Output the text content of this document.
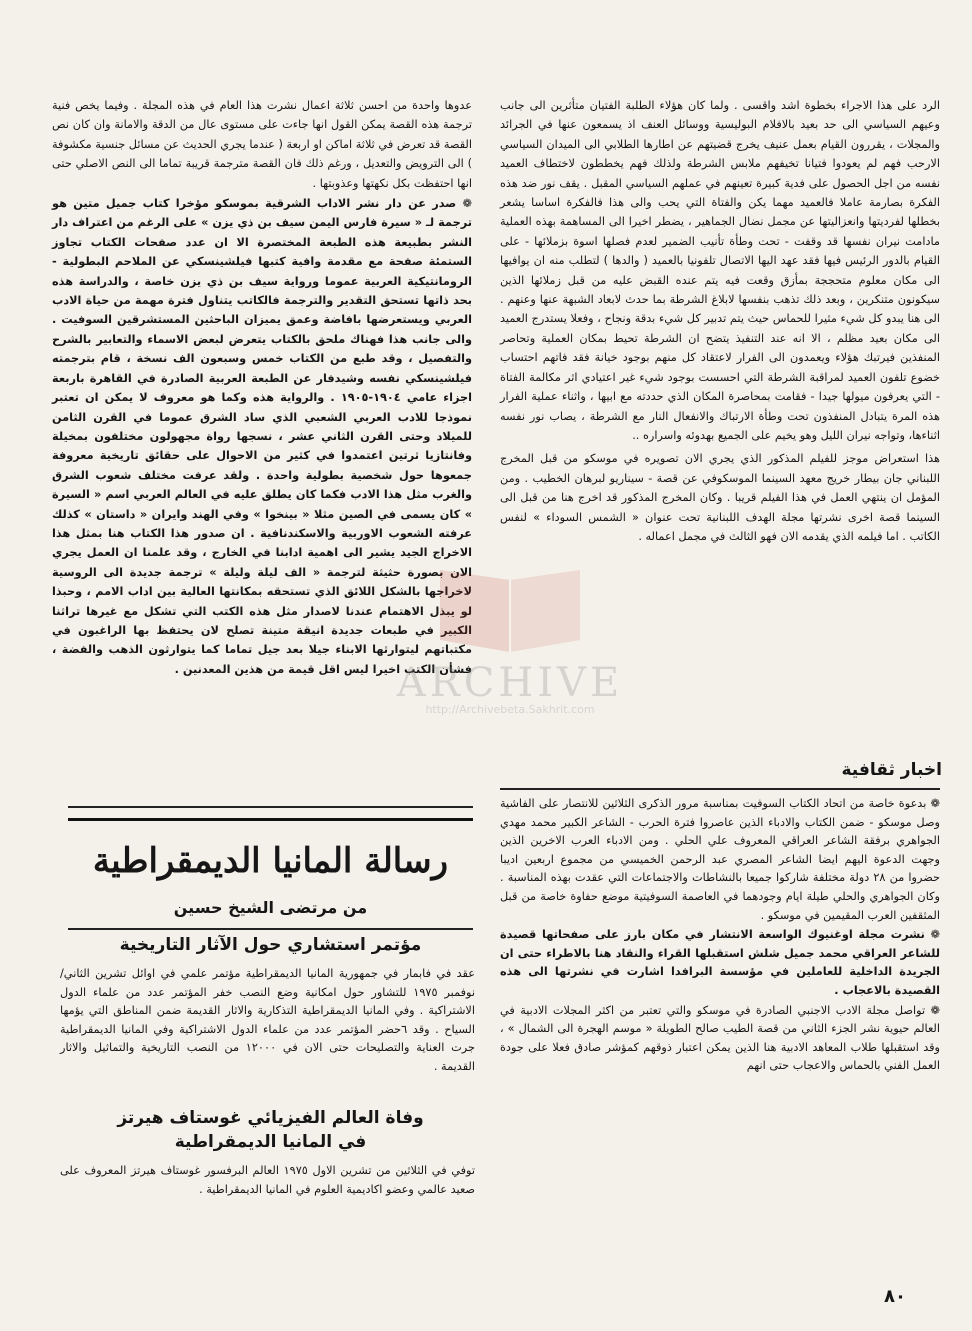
الرد على هذا الاجراء بخطوة اشد واقسى . ولما كان هؤلاء الطلبة الفتيان متأثرين الى جانب وعيهم السياسي الى حد بعيد بالافلام البوليسية ووسائل العنف اذ يسمعون عنها في الجرائد والمجلات ، يقررون القيام بعمل عنيف يخرج قضيتهم عن اطارها الطلابي الى الميدان السياسي الارحب فهم لم يعودوا فتيانا تخيفهم ملابس الشرطة ولذلك فهم يخططون لاختطاف العميد نفسه من اجل الحصول على فدية كبيرة تعينهم في عملهم السياسي المقبل . يقف نور ضد هذه الفكرة بصارمة عاملا فالعميد مهما يكن والفتاة التي يحب والى هذا فالفكرة اساسا يشعر بخطلها لفرديتها وانعزاليتها عن مجمل نضال الجماهير ، يضطر اخيرا الى المساهمة بهذه العملية مادامت نيران نفسها قد وقفت - تحت وطأة تأنيب الضمير لعدم فصلها اسوة بزملائها - على القيام بالدور الرئيس فيها فقد عهد اليها الاتصال تلفونيا بالعميد ( والدها ) لتطلب منه ان يوافيها الى مكان معلوم متحججة بمأزق وقعت فيه يتم عنده القبض عليه من قبل زملائها الذين سيكونون متنكرين ، وبعد ذلك تذهب بنفسها لابلاغ الشرطة بما حدث لابعاد الشبهة عنها وعنهم . الى هنا يبدو كل شيء مثيرا للحماس حيث يتم تدبير كل شيء بدقة ونجاح ، وفعلا يستدرج العميد الى مكان بعيد مظلم ، الا انه عند التنفيذ يتضح ان الشرطة تحيط بمكان العملية وتحاصر المنفذين فيرتبك هؤلاء ويعمدون الى الفرار لاعتقاد كل منهم بوجود خيانة فقد فاتهم احتساب خضوع تلفون العميد لمراقبة الشرطة التي احسست بوجود شيء غير اعتيادي اثر مكالمة الفتاة - التي يعرفون ميولها جيدا - فقامت بمحاصرة المكان الذي حددته مع ابيها ، واثناء عملية الفرار هذه المرة يتبادل المنفذون تحت وطأة الارتباك والانفعال النار مع الشرطة ، يصاب نور نفسه اثناءها، وتواجه نيران الليل وهو يخيم على الجميع بهدوئه واسراره ..

هذا استعراض موجز للفيلم المذكور الذي يجري الان تصويره في موسكو من قبل المخرج اللبناني جان بيطار خريج معهد السينما الموسكوفي عن قصة - سيناريو لبرهان الخطيب . ومن المؤمل ان ينتهي العمل في هذا الفيلم قريبا . وكان المخرج المذكور قد اخرج هنا من قبل الى السينما قصة اخرى نشرتها مجلة الهدف اللبنانية تحت عنوان « الشمس السوداء » لنفس الكاتب . اما فيلمه الذي يقدمه الان فهو الثالث في مجمل اعماله .

عدوها واحدة من احسن ثلاثة اعمال نشرت هذا العام في هذه المجلة . وفيما يخص فنية ترجمة هذه القصة يمكن القول انها جاءت على مستوى عال من الدقة والامانة وان كان نص القصة قد تعرض في ثلاثة اماكن او اربعة ( عندما يجري الحديث عن مسائل جنسية مكشوفة ) الى الترويض والتعديل ، ورغم ذلك فان القصة مترجمة قريبة تماما الى النص الاصلي حتى انها احتفظت بكل نكهتها وعذوبتها .

❁ صدر عن دار نشر الاداب الشرقية بموسكو مؤخرا كتاب جميل متين هو ترجمة لـ « سيرة فارس اليمن سيف بن ذي يزن » على الرغم من اعتراف دار النشر بطبيعة هذه الطبعة المختصرة الا ان عدد صفحات الكتاب تجاوز الستمئة صفحة مع مقدمة وافية كتبها فيلشينسكي عن الملاحم البطولية - الرومانتيكية العربية عموما ورواية سيف بن ذي يزن خاصة ، والدراسة هذه بحد ذاتها تستحق التقدير والترجمة فالكاتب يتناول فترة مهمة من حياة الادب العربي ويستعرضها بافاضة وعمق يميزان الباحثين المستشرقين السوفيت . والى جانب هذا فهناك ملحق بالكتاب يتعرض لبعض الاسماء والتعابير بالشرح والتفصيل ، وقد طبع من الكتاب خمس وسبعون الف نسخة ، قام بترجمته فيلشينسكي نفسه وشيدفار عن الطبعة العربية الصادرة في القاهرة باربعة اجزاء عامي ١٩٠٤-١٩٠٥ . والرواية هذه وكما هو معروف لا يمكن ان تعتبر نموذجا للادب العربي الشعبي الذي ساد الشرق عموما في القرن الثامن للميلاد وحتى القرن الثاني عشر ، نسجها رواة مجهولون مختلفون بمخيلة وفانتازيا ثرتين اعتمدوا في كثير من الاحوال على حقائق تاريخية معروفة جمعوها حول شخصية بطولية واحدة . ولقد عرفت مختلف شعوب الشرق والغرب مثل هذا الادب فكما كان يطلق عليه في العالم العربي اسم « السيرة » كان يسمى في الصين مثلا « بينخوا » وفي الهند وايران « داستان » كذلك عرفته الشعوب الاوربية والاسكندنافية . ان صدور هذا الكتاب هنا بمثل هذا الاخراج الجيد يشير الى اهمية ادابنا في الخارج ، وقد علمنا ان العمل يجري الان بصورة حثيثة لترجمة « الف ليلة وليلة » ترجمة جديدة الى الروسية لاخراجها بالشكل اللائق الذي تستحقه بمكانتها العالية بين اداب الامم ، وحبذا لو يبذل الاهتمام عندنا لاصدار مثل هذه الكتب التي تشكل مع غيرها تراثنا الكبير في طبعات جديدة انيقة متينة تصلح لان يحتفظ بها الراغبون في مكتباتهم ليتوارثها الابناء جيلا بعد جيل تماما كما يتوارثون الذهب والفضة ، فشأن الكتب اخيرا ليس اقل قيمة من هذين المعدنين .

رسالة المانيا الديمقراطية
من مرتضى الشيخ حسين
مؤتمر استشاري حول الآثار التاريخية
عقد في فابمار في جمهورية المانيا الديمقراطية مؤتمر علمي في اوائل تشرين الثاني/نوفمبر ١٩٧٥ للتشاور حول امكانية وضع النصب خفر المؤتمر عدد من علماء الدول الاشتراكية . وفي المانيا الديمقراطية التذكارية والاثار القديمة ضمن المناطق التي يؤمها السياح . وقد ٦حضر المؤتمر عدد من علماء الدول الاشتراكية وفي المانيا الديمقراطية جرت العناية والتصليحات حتى الان في ١٢٠٠٠ من النصب التاريخية والتماثيل والاثار القديمة .
وفاة العالم الفيزيائي غوستاف هيرتز
في المانيا الديمقراطية
توفي في الثلاثين من تشرين الاول ١٩٧٥ العالم البرفسور غوستاف هيرتز المعروف على صعيد عالمي وعضو اكاديمية العلوم في المانيا الديمقراطية .
اخبار ثقافية

❁ بدعوة خاصة من اتحاد الكتاب السوفيت بمناسبة مرور الذكرى الثلاثين للانتصار على الفاشية وصل موسكو - ضمن الكتاب والادباء الذين عاصروا فترة الحرب - الشاعر الكبير محمد مهدي الجواهري برفقة الشاعر العراقي المعروف علي الحلي . ومن الادباء العرب الاخرين الذين وجهت الدعوة اليهم ايضا الشاعر المصري عبد الرحمن الخميسي من مجموع اربعين اديبا حضروا من ٢٨ دولة مختلفة شاركوا جميعا بالنشاطات والاجتماعات التي عقدت بهذه المناسبة . وكان الجواهري والحلي طيلة ايام وجودهما في العاصمة السوفيتية موضع حفاوة خاصة من قبل المثقفين العرب المقيمين في موسكو .

❁ نشرت مجلة اوغنيوك الواسعة الانتشار في مكان بارز على صفحاتها قصيدة للشاعر العراقي محمد جميل شلش استقبلها القراء والنقاد هنا بالاطراء حتى ان الجريدة الداخلية للعاملين في مؤسسة البرافدا اشارت في نشرتها الى هذه القصيدة بالاعجاب .

❁ تواصل مجلة الادب الاجنبي الصادرة في موسكو والتي تعتبر من اكثر المجلات الادبية في العالم حيوية نشر الجزء الثاني من قصة الطيب صالح الطويلة « موسم الهجرة الى الشمال » ، وقد استقبلها طلاب المعاهد الادبية هنا الذين يمكن اعتبار ذوقهم كمؤشر صادق فعلا على جودة العمل الفني بالحماس والاعجاب حتى انهم

ARCHIVE
http://Archivebeta.Sakhrit.com
٨٠
